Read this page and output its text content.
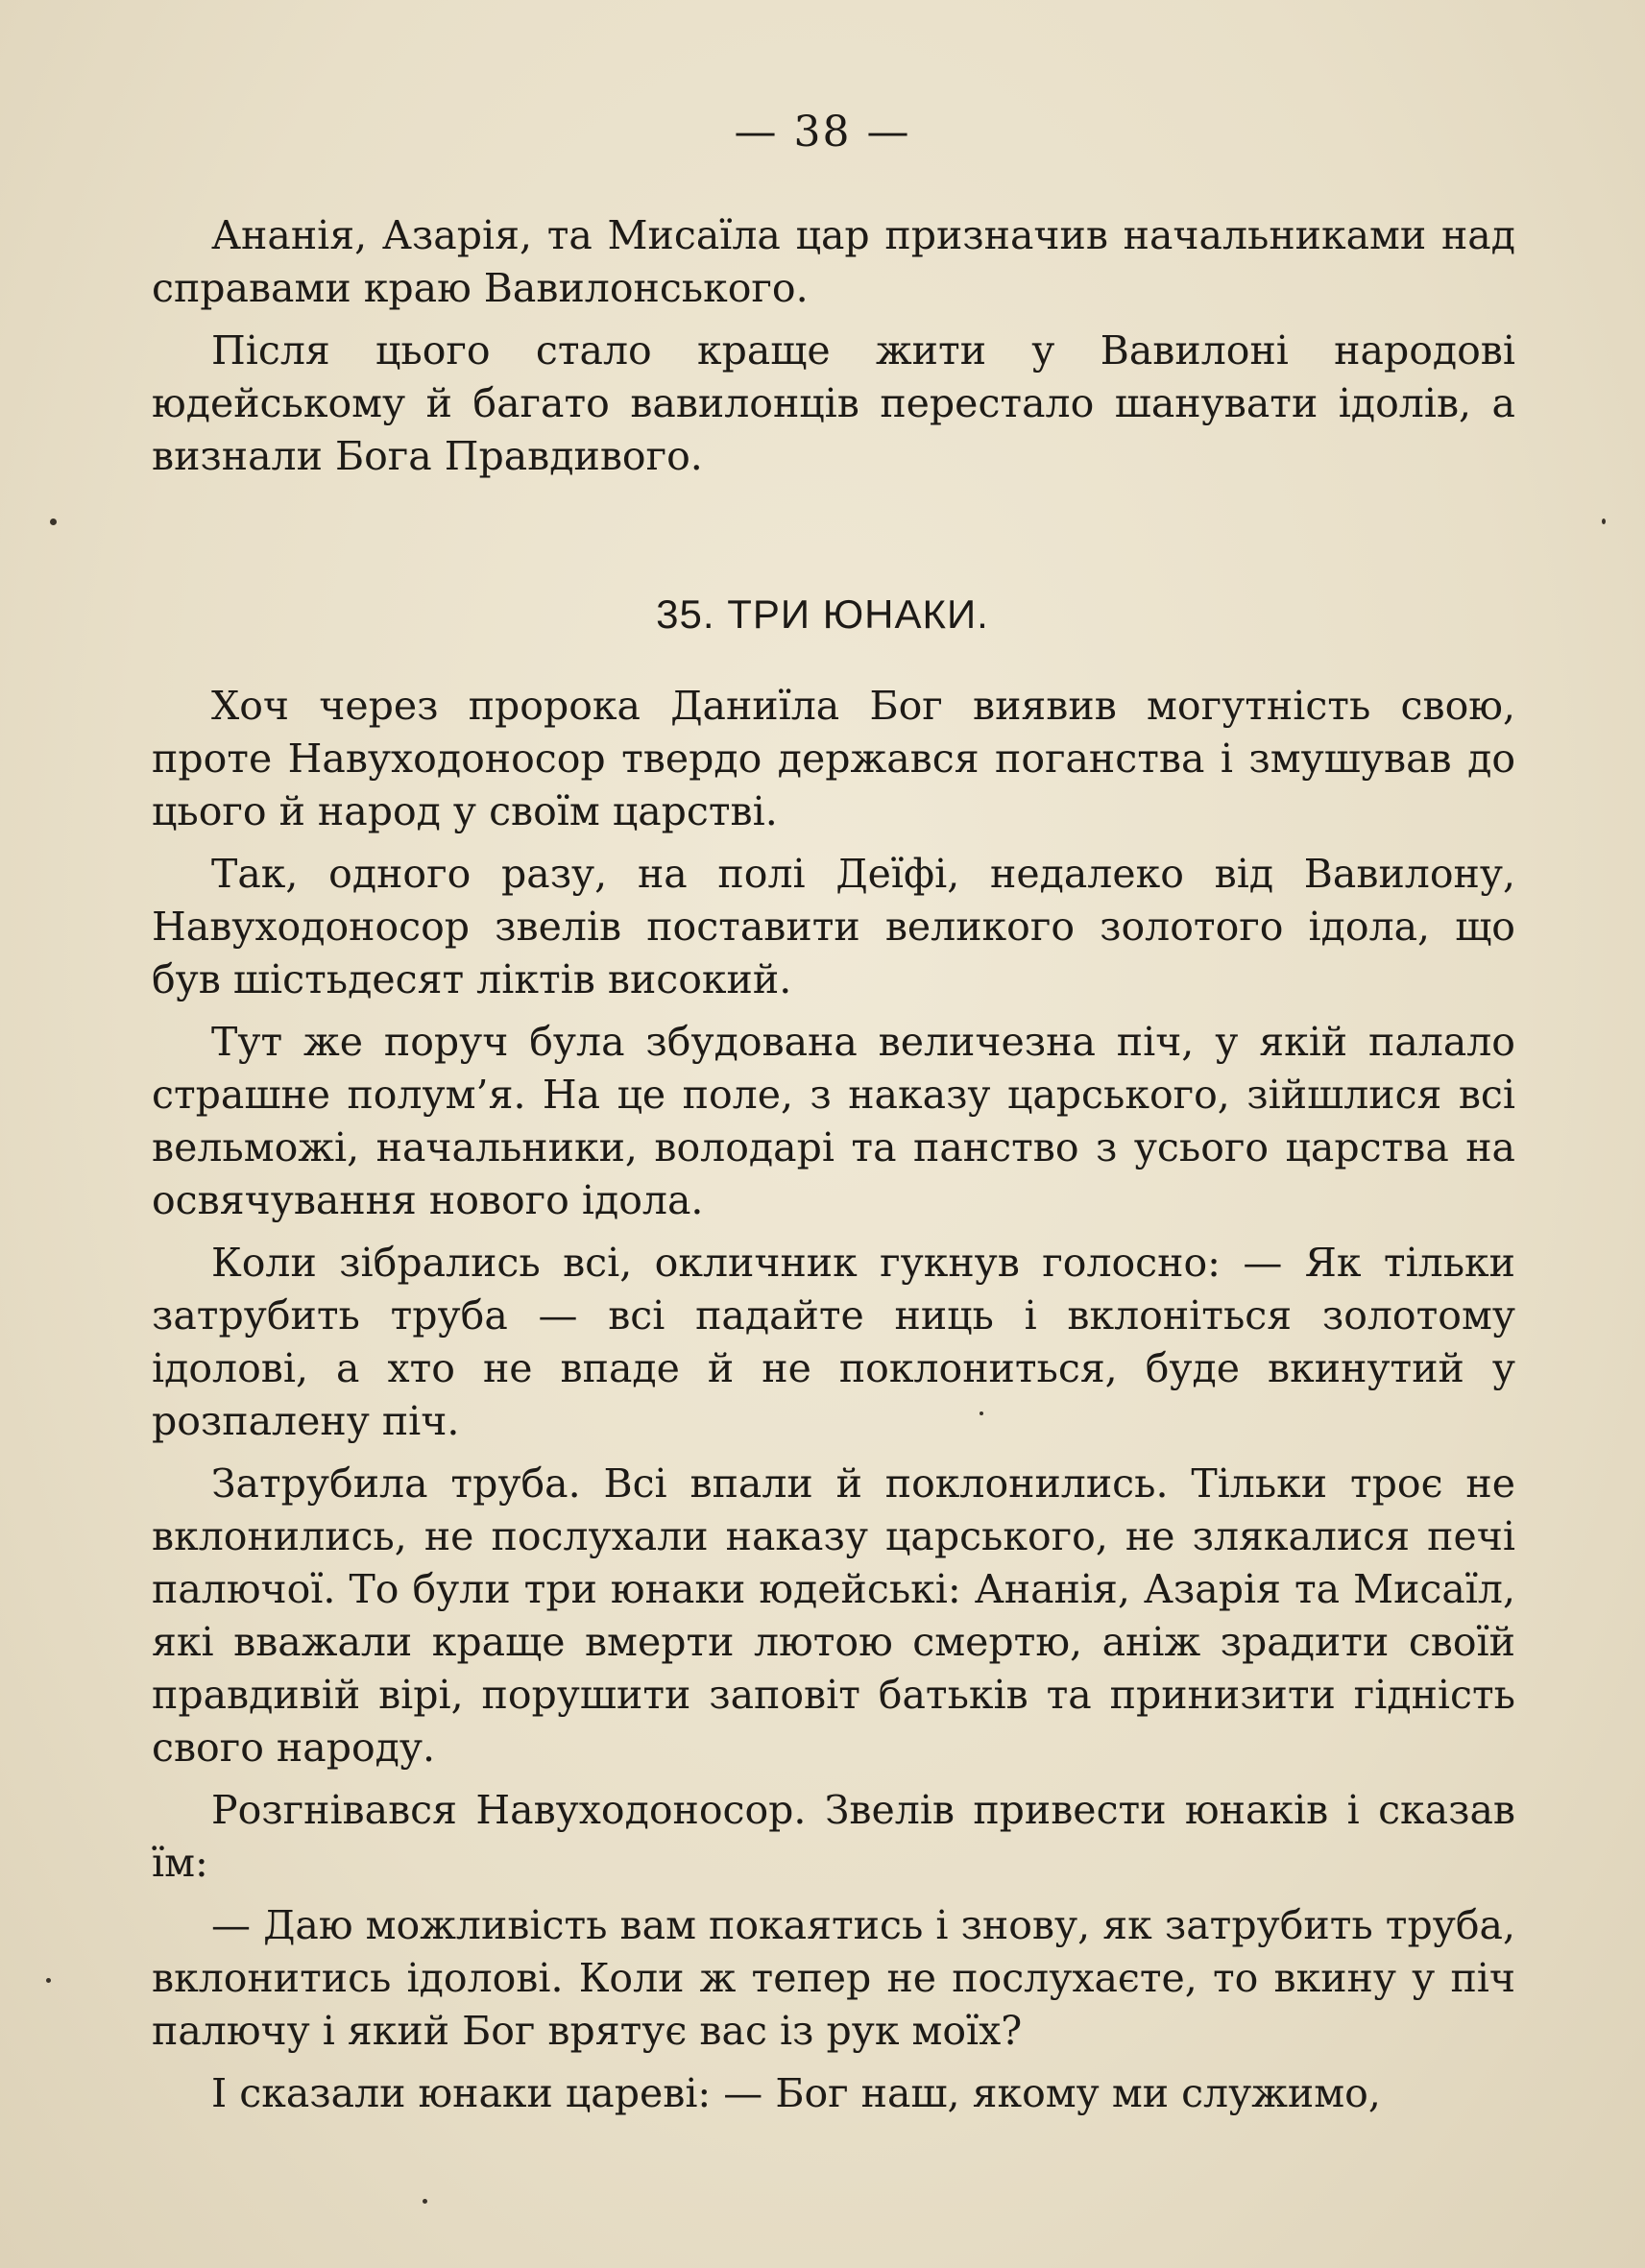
— 38 —

Ананія, Азарія, та Мисаїла цар призначив начальниками над справами краю Вавилонського.

Після цього стало краще жити у Вавилоні народові юдейському й багато вавилонців перестало шанувати ідолів, а визнали Бога Правдивого.

35. ТРИ ЮНАКИ.

Хоч через пророка Даниїла Бог виявив могутність свою, проте Навуходоносор твердо держався поганства і змушував до цього й народ у своїм царстві.

Так, одного разу, на полі Деїфі, недалеко від Вавилону, Навуходоносор звелів поставити великого золотого ідола, що був шістьдесят ліктів високий.

Тут же поруч була збудована величезна піч, у якій палало страшне полум’я. На це поле, з наказу царського, зійшлися всі вельможі, начальники, володарі та панство з усього царства на освячування нового ідола.

Коли зібрались всі, окличник гукнув голосно: — Як тільки затрубить труба — всі падайте ниць і вклоніться золотому ідолові, а хто не впаде й не поклониться, буде вкинутий у розпалену піч.

Затрубила труба. Всі впали й поклонились. Тільки троє не вклонились, не послухали наказу царського, не злякалися печі палючої. То були три юнаки юдейські: Ананія, Азарія та Мисаїл, які вважали краще вмерти лютою смертю, аніж зрадити своїй правдивій вірі, порушити заповіт батьків та принизити гідність свого народу.

Розгнівався Навуходоносор. Звелів привести юнаків і сказав їм:

— Даю можливість вам покаятись і знову, як затрубить труба, вклонитись ідолові. Коли ж тепер не послухаєте, то вкину у піч палючу і який Бог врятує вас із рук моїх?

І сказали юнаки цареві: — Бог наш, якому ми служимо,
